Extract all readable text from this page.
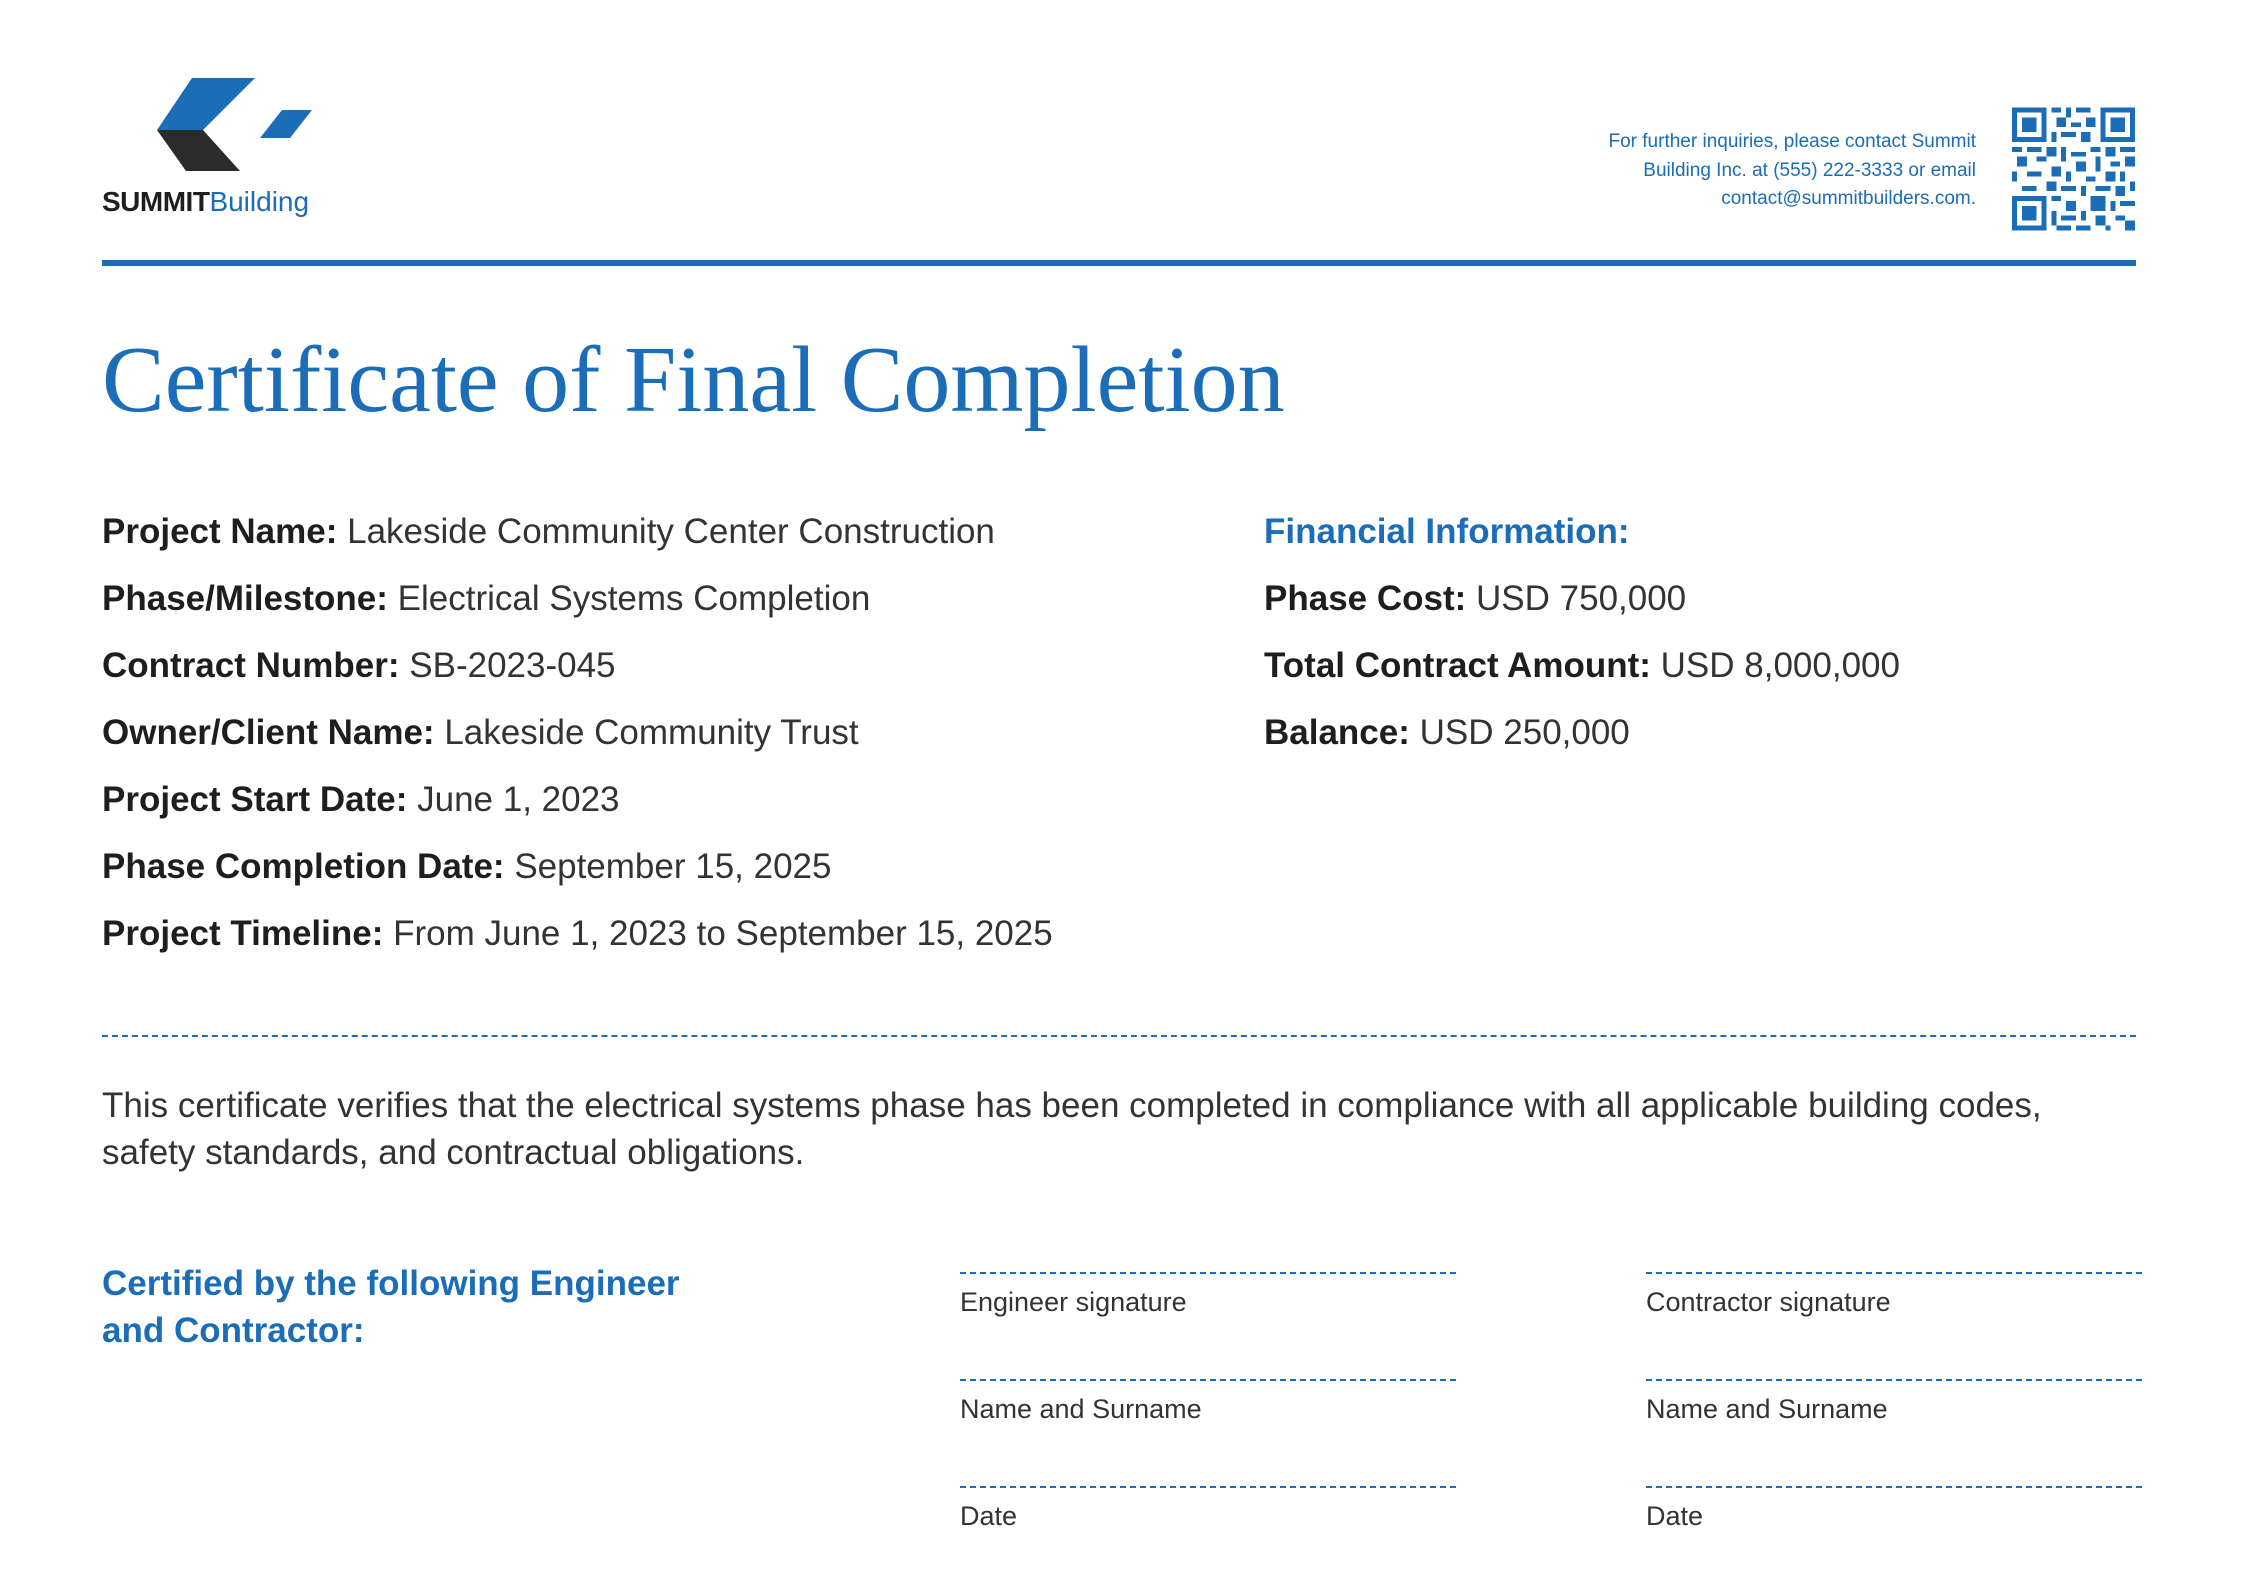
SUMMITBuilding
For further inquiries, please contact Summit
Building Inc. at (555) 222-3333 or email
contact@summitbuilders.com.
Certificate of Final Completion
Project Name: Lakeside Community Center Construction
Phase/Milestone: Electrical Systems Completion
Contract Number: SB-2023-045
Owner/Client Name: Lakeside Community Trust
Project Start Date: June 1, 2023
Phase Completion Date: September 15, 2025
Project Timeline: From June 1, 2023 to September 15, 2025
Financial Information:
Phase Cost: USD 750,000
Total Contract Amount: USD 8,000,000
Balance: USD 250,000

This certificate verifies that the electrical systems phase has been completed in compliance with all applicable building codes, safety standards, and contractual obligations.

Certified by the following Engineer
and Contractor:
Engineer signature
Name and Surname
Date
Contractor signature
Name and Surname
Date
